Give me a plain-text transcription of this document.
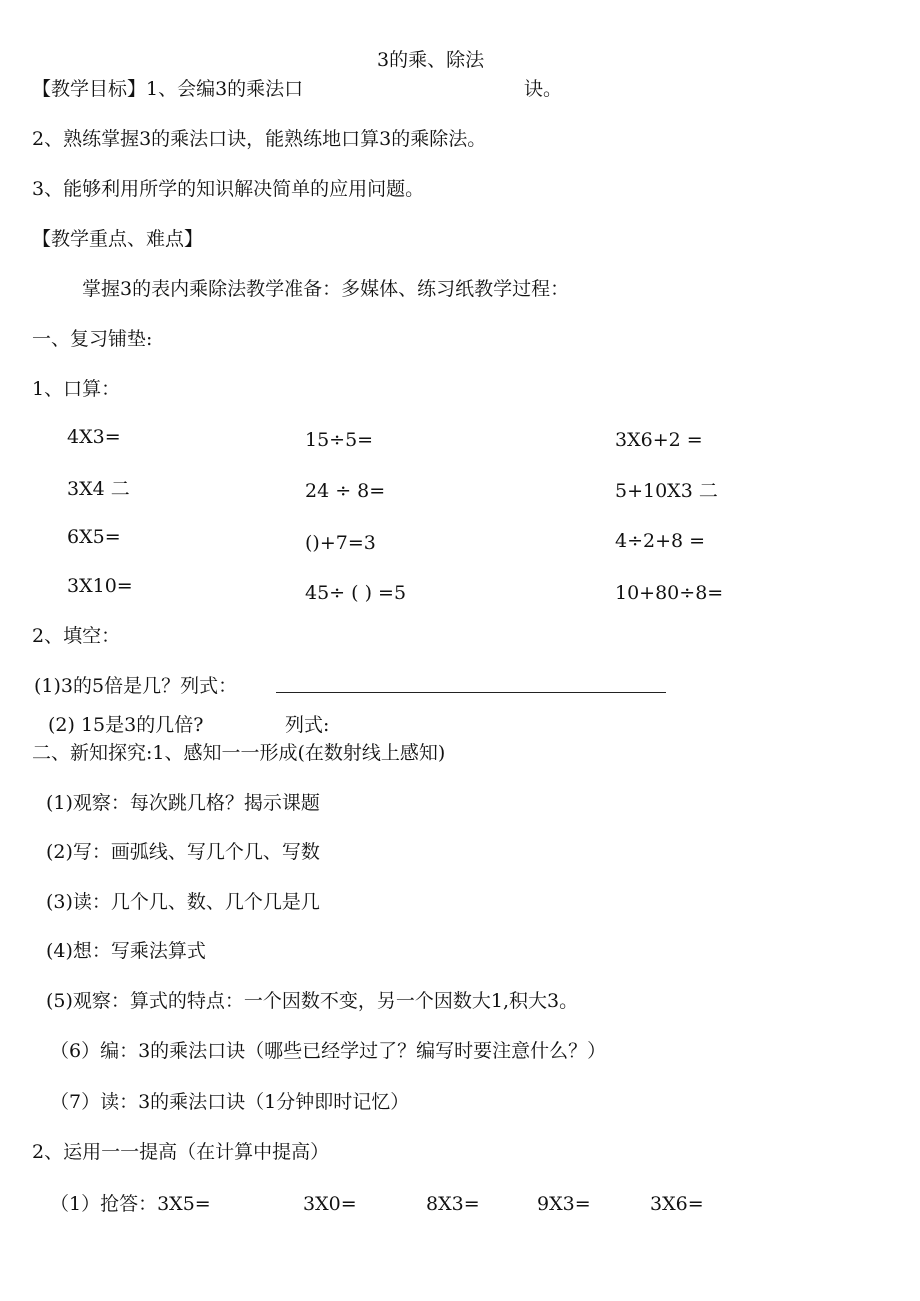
3的乘、除法
【教学目标】1、会编3的乘法口	诀。
2、熟练掌握3的乘法口诀，能熟练地口算3的乘除法。
3、能够利用所学的知识解决简单的应用问题。
【教学重点、难点】
掌握3的表内乘除法教学准备：多媒体、练习纸教学过程：
一、复习铺垫:
1、口算：
4X3=	15÷5=	3X6+2 =
3X4 二	24 ÷ 8=	5+10X3 二
6X5=	()+7=3	4÷2+8 =
3X10=	45÷ ( ) =5	10+80÷8=
2、填空：
(1)3的5倍是几？列式：
(2) 15是3的几倍?	列式:
二、新知探究:1、感知一一形成(在数射线上感知)
(1)观察：每次跳几格？揭示课题
(2)写：画弧线、写几个几、写数
(3)读：几个几、数、几个几是几
(4)想：写乘法算式
(5)观察：算式的特点：一个因数不变，另一个因数大1,积大3。
（6）编：3的乘法口诀（哪些已经学过了？编写时要注意什么？）
（7）读：3的乘法口诀（1分钟即时记忆）
2、运用一一提高（在计算中提高）
（1）抢答：3X5=	3X0=	8X3=	9X3=	3X6=
